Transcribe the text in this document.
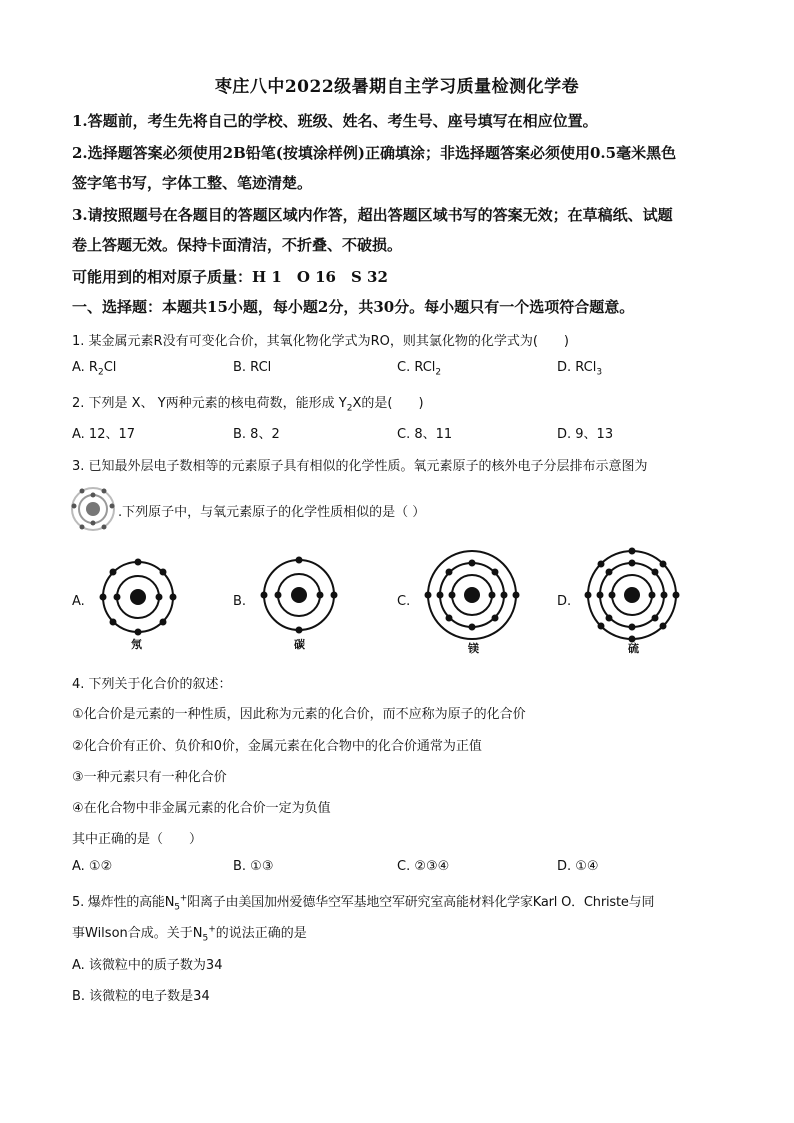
枣庄八中2022级暑期自主学习质量检测化学卷
1.答题前，考生先将自己的学校、班级、姓名、考生号、座号填写在相应位置。
2.选择题答案必须使用2B铅笔(按填涂样例)正确填涂；非选择题答案必须使用0.5毫米黑色
签字笔书写，字体工整、笔迹清楚。
3.请按照题号在各题目的答题区域内作答，超出答题区域书写的答案无效；在草稿纸、试题
卷上答题无效。保持卡面清洁，不折叠、不破损。
可能用到的相对原子质量：H 1　O 16　S 32
一、选择题：本题共15小题，每小题2分，共30分。每小题只有一个选项符合题意。
1. 某金属元素R没有可变化合价，其氧化物化学式为RO，则其氯化物的化学式为(　　)
A. $R_2Cl$	B. RCl	C. RCl$_2$	D. RCl$_3$
2. 下列是 X、 Y两种元素的核电荷数，能形成 $Y_2X$的是(　　)
A. 12、17	B. 8、2	C. 8、11	D. 9、13
3. 已知最外层电子数相等的元素原子具有相似的化学性质。氧元素原子的核外电子分层排布示意图为
.下列原子中，与氧元素原子的化学性质相似的是（ ）
A.
氖
B.
碳
C.
镁
D.
硫
4. 下列关于化合价的叙述：
①化合价是元素的一种性质，因此称为元素的化合价，而不应称为原子的化合价
②化合价有正价、负价和0价，金属元素在化合物中的化合价通常为正值
③一种元素只有一种化合价
④在化合物中非金属元素的化合价一定为负值
其中正确的是（　　）
A. ①②	B. ①③	C. ②③④	D. ①④
5. 爆炸性的高能$N_5^+$阳离子由美国加州爱德华空军基地空军研究室高能材料化学家Karl O．Christe与同
事Wilson合成。关于$N_5^+$的说法正确的是
A. 该微粒中的质子数为34
B. 该微粒的电子数是34
